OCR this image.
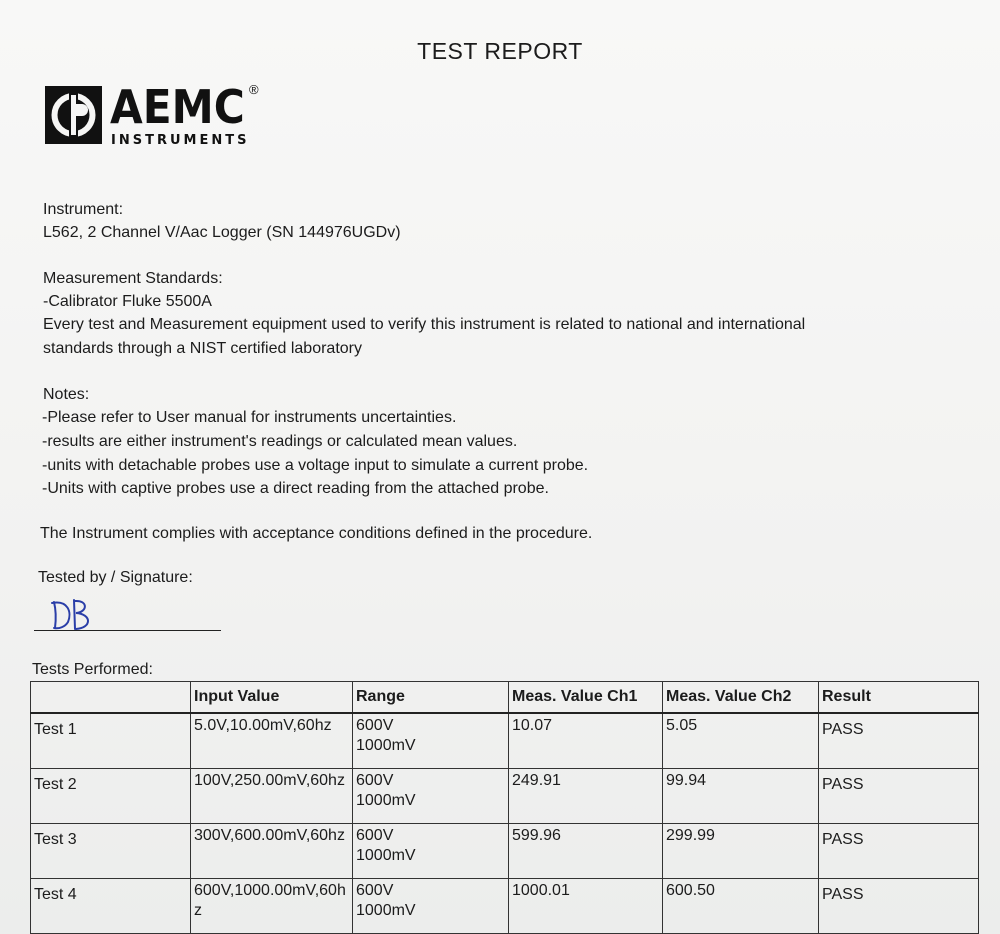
TEST REPORT
AEMC ®
INSTRUMENTS
Instrument:
L562, 2 Channel V/Aac Logger (SN 144976UGDv)
Measurement Standards:
-Calibrator Fluke 5500A
Every test and Measurement equipment used to verify this instrument is related to national and international
standards through a NIST certified laboratory
Notes:
-Please refer to User manual for instruments uncertainties.
-results are either instrument's readings or calculated mean values.
-units with detachable probes use a voltage input to simulate a current probe.
-Units with captive probes use a direct reading from the attached probe.
The Instrument complies with acceptance conditions defined in the procedure.
Tested by / Signature:
Tests Performed:
	Input Value	Range	Meas. Value Ch1	Meas. Value Ch2	Result
Test 1	5.0V,10.00mV,60hz	600V
1000mV	10.07	5.05	PASS
Test 2	100V,250.00mV,60hz	600V
1000mV	249.91	99.94	PASS
Test 3	300V,600.00mV,60hz	600V
1000mV	599.96	299.99	PASS
Test 4	600V,1000.00mV,60hz	600V
1000mV	1000.01	600.50	PASS
